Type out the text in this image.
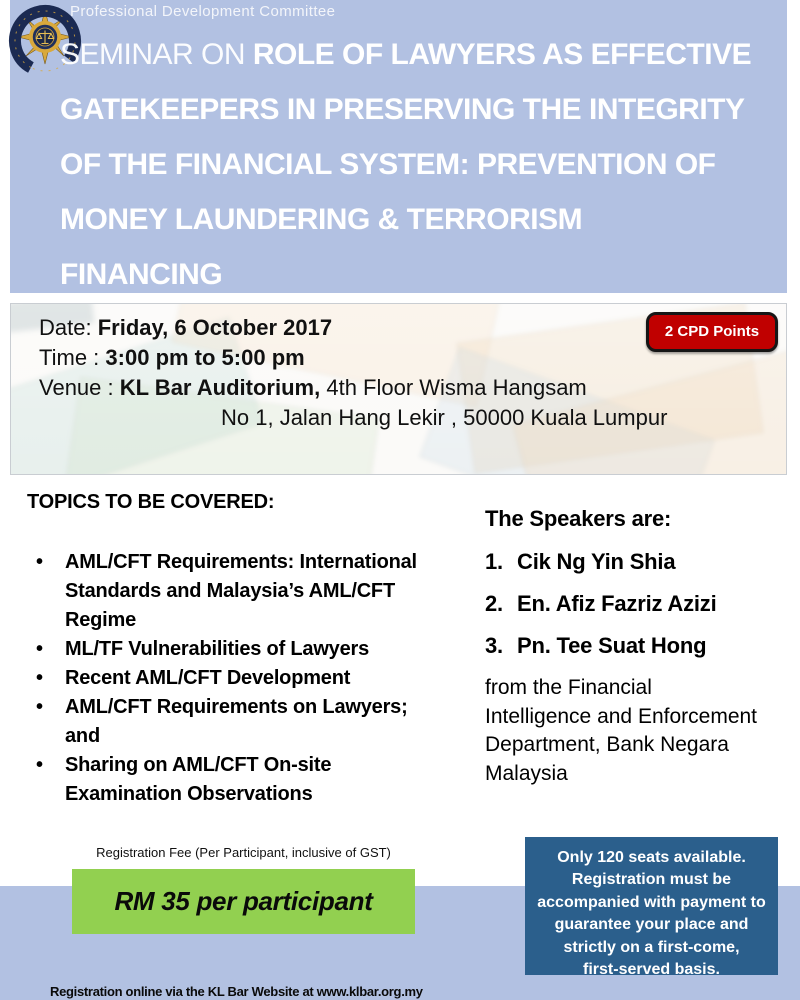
Professional Development Committee
SEMINAR ON ROLE OF LAWYERS AS EFFECTIVE
GATEKEEPERS IN PRESERVING THE INTEGRITY
OF THE FINANCIAL SYSTEM: PREVENTION OF
MONEY LAUNDERING & TERRORISM
FINANCING
Date: Friday, 6 October 2017
Time : 3:00 pm to 5:00 pm
Venue : KL Bar Auditorium, 4th Floor Wisma Hangsam
No 1, Jalan Hang Lekir , 50000 Kuala Lumpur
2 CPD Points
TOPICS TO BE COVERED:
•
AML/CFT Requirements: International
Standards and Malaysia’s AML/CFT
Regime
•
ML/TF Vulnerabilities of Lawyers
•
Recent AML/CFT Development
•
AML/CFT Requirements on Lawyers;
and
•
Sharing on AML/CFT On-site
Examination Observations
The Speakers are:
1. Cik Ng Yin Shia
2. En. Afiz Fazriz Azizi
3. Pn. Tee Suat Hong
from the Financial
Intelligence and Enforcement
Department, Bank Negara
Malaysia
Registration Fee (Per Participant, inclusive of GST)
RM 35 per participant
Only 120 seats available.
Registration must be
accompanied with payment to
guarantee your place and
strictly on a first-come,
first-served basis.
Registration online via the KL Bar Website at www.klbar.org.my
